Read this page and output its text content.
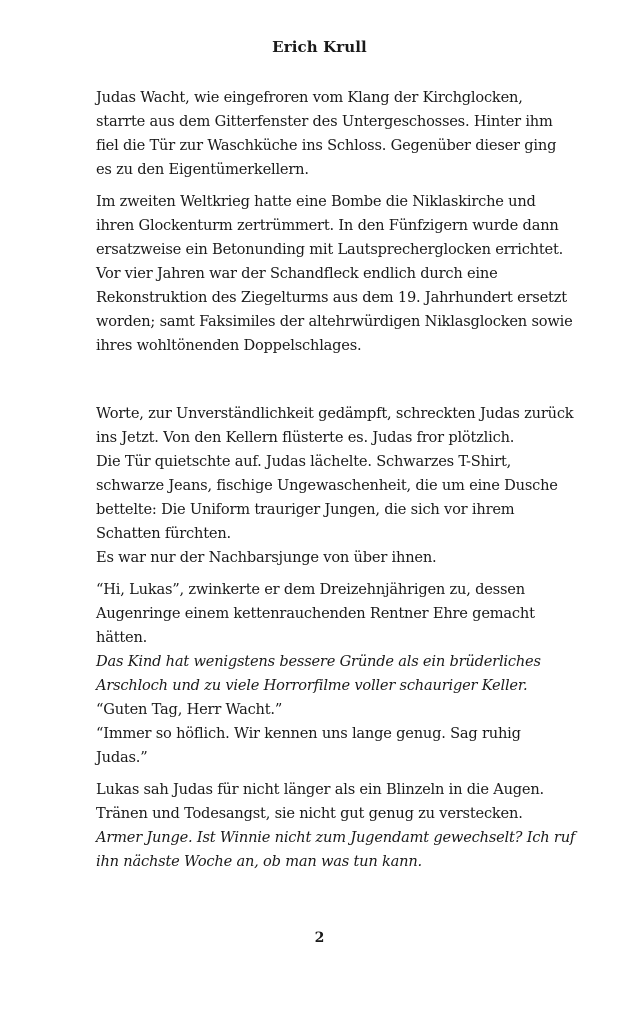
Erich Krull

Judas Wacht, wie eingefroren vom Klang der Kirchglocken, starrte aus dem Gitterfenster des Untergeschosses. Hinter ihm fiel die Tür zur Waschküche ins Schloss. Gegenüber dieser ging es zu den Eigentümerkellern.

Im zweiten Weltkrieg hatte eine Bombe die Niklaskirche und ihren Glockenturm zertrümmert. In den Fünfzigern wurde dann ersatzweise ein Betonunding mit Lautsprecherglocken errichtet. Vor vier Jahren war der Schandfleck endlich durch eine Rekonstruktion des Ziegelturms aus dem 19. Jahrhundert ersetzt worden; samt Faksimiles der altehrwürdigen Niklasglocken sowie ihres wohltönenden Doppelschlages.

Worte, zur Unverständlichkeit gedämpft, schreckten Judas zurück ins Jetzt. Von den Kellern flüsterte es. Judas fror plötzlich.

Die Tür quietschte auf. Judas lächelte. Schwarzes T-Shirt, schwarze Jeans, fischige Ungewaschenheit, die um eine Dusche bettelte: Die Uniform trauriger Jungen, die sich vor ihrem Schatten fürchten.

Es war nur der Nachbarsjunge von über ihnen.

“Hi, Lukas”, zwinkerte er dem Dreizehnjährigen zu, dessen Augenringe einem kettenrauchenden Rentner Ehre gemacht hätten.

Das Kind hat wenigstens bessere Gründe als ein brüderliches Arschloch und zu viele Horrorfilme voller schauriger Keller.

“Guten Tag, Herr Wacht.”

“Immer so höflich. Wir kennen uns lange genug. Sag ruhig Judas.”

Lukas sah Judas für nicht länger als ein Blinzeln in die Augen. Tränen und Todesangst, sie nicht gut genug zu verstecken.

Armer Junge. Ist Winnie nicht zum Jugendamt gewechselt? Ich ruf ihn nächste Woche an, ob man was tun kann.

2
